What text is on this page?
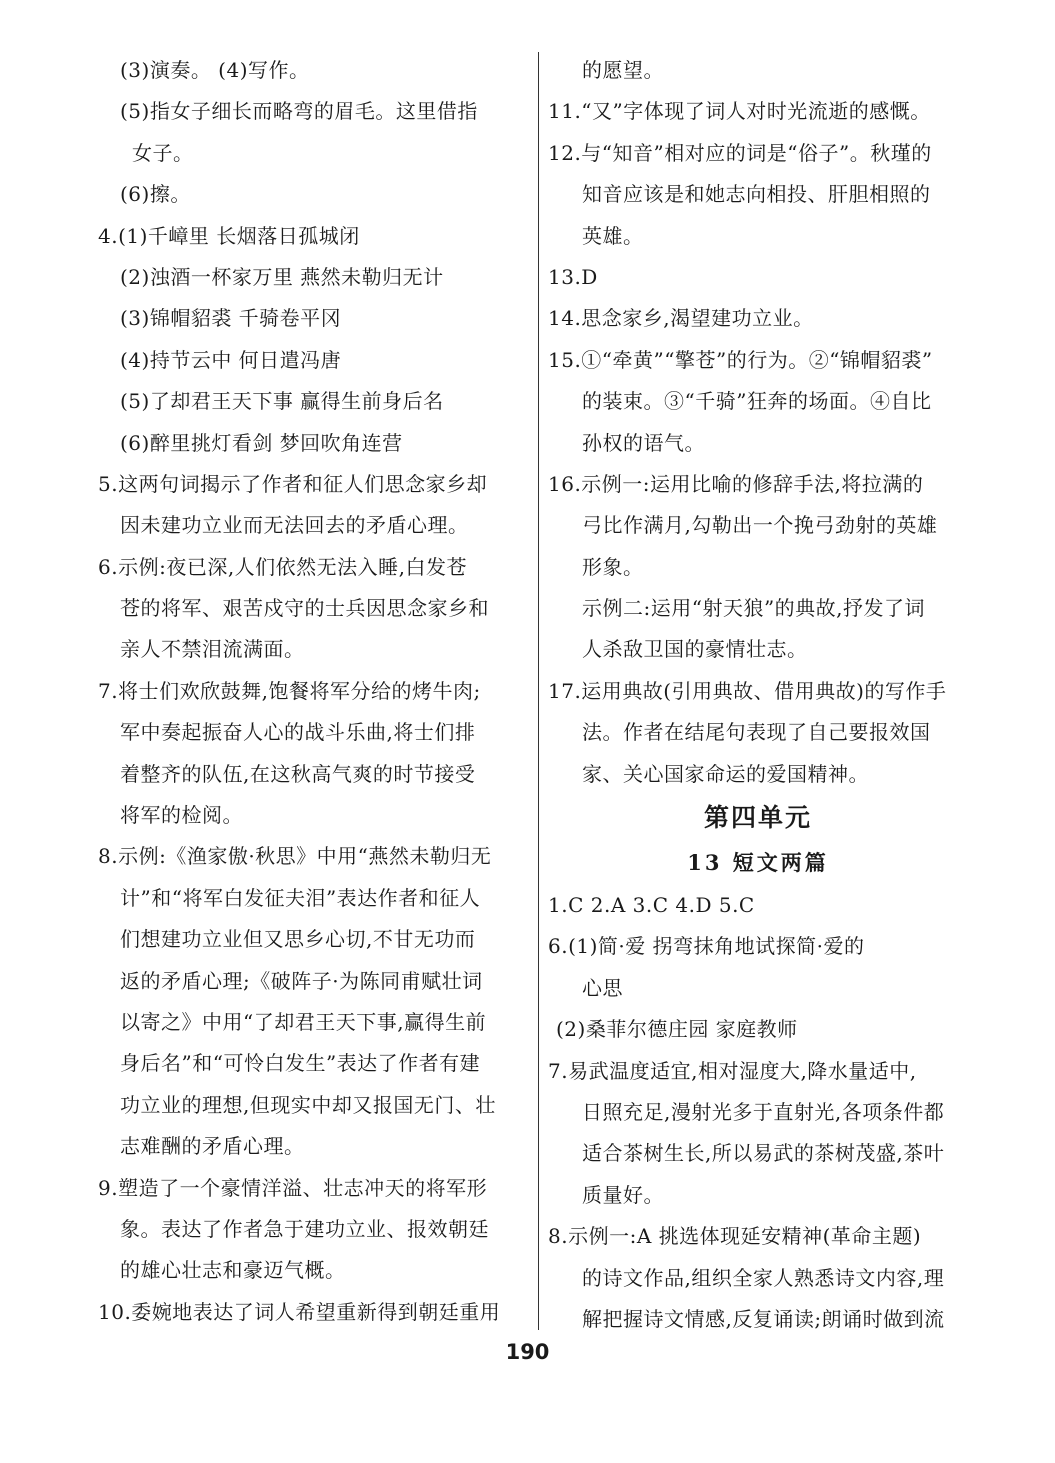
(3)演奏。 (4)写作。
(5)指女子细长而略弯的眉毛。这里借指
女子。
(6)擦。
4.(1)千嶂里 长烟落日孤城闭
(2)浊酒一杯家万里 燕然未勒归无计
(3)锦帽貂裘 千骑卷平冈
(4)持节云中 何日遣冯唐
(5)了却君王天下事 赢得生前身后名
(6)醉里挑灯看剑 梦回吹角连营
5.这两句词揭示了作者和征人们思念家乡却
因未建功立业而无法回去的矛盾心理。
6.示例:夜已深,人们依然无法入睡,白发苍
苍的将军、艰苦戍守的士兵因思念家乡和
亲人不禁泪流满面。
7.将士们欢欣鼓舞,饱餐将军分给的烤牛肉;
军中奏起振奋人心的战斗乐曲,将士们排
着整齐的队伍,在这秋高气爽的时节接受
将军的检阅。
8.示例:《渔家傲·秋思》中用“燕然未勒归无
计”和“将军白发征夫泪”表达作者和征人
们想建功立业但又思乡心切,不甘无功而
返的矛盾心理;《破阵子·为陈同甫赋壮词
以寄之》中用“了却君王天下事,赢得生前
身后名”和“可怜白发生”表达了作者有建
功立业的理想,但现实中却又报国无门、壮
志难酬的矛盾心理。
9.塑造了一个豪情洋溢、壮志冲天的将军形
象。表达了作者急于建功立业、报效朝廷
的雄心壮志和豪迈气概。
10.委婉地表达了词人希望重新得到朝廷重用
的愿望。
11.“又”字体现了词人对时光流逝的感慨。
12.与“知音”相对应的词是“俗子”。秋瑾的
知音应该是和她志向相投、肝胆相照的
英雄。
13.D
14.思念家乡,渴望建功立业。
15.①“牵黄”“擎苍”的行为。②“锦帽貂裘”
的装束。③“千骑”狂奔的场面。④自比
孙权的语气。
16.示例一:运用比喻的修辞手法,将拉满的
弓比作满月,勾勒出一个挽弓劲射的英雄
形象。
示例二:运用“射天狼”的典故,抒发了词
人杀敌卫国的豪情壮志。
17.运用典故(引用典故、借用典故)的写作手
法。作者在结尾句表现了自己要报效国
家、关心国家命运的爱国精神。
第四单元
13 短文两篇
1.C 2.A 3.C 4.D 5.C
6.(1)简·爱 拐弯抹角地试探简·爱的
心思
(2)桑菲尔德庄园 家庭教师
7.易武温度适宜,相对湿度大,降水量适中,
日照充足,漫射光多于直射光,各项条件都
适合茶树生长,所以易武的茶树茂盛,茶叶
质量好。
8.示例一:A 挑选体现延安精神(革命主题)
的诗文作品,组织全家人熟悉诗文内容,理
解把握诗文情感,反复诵读;朗诵时做到流
190
